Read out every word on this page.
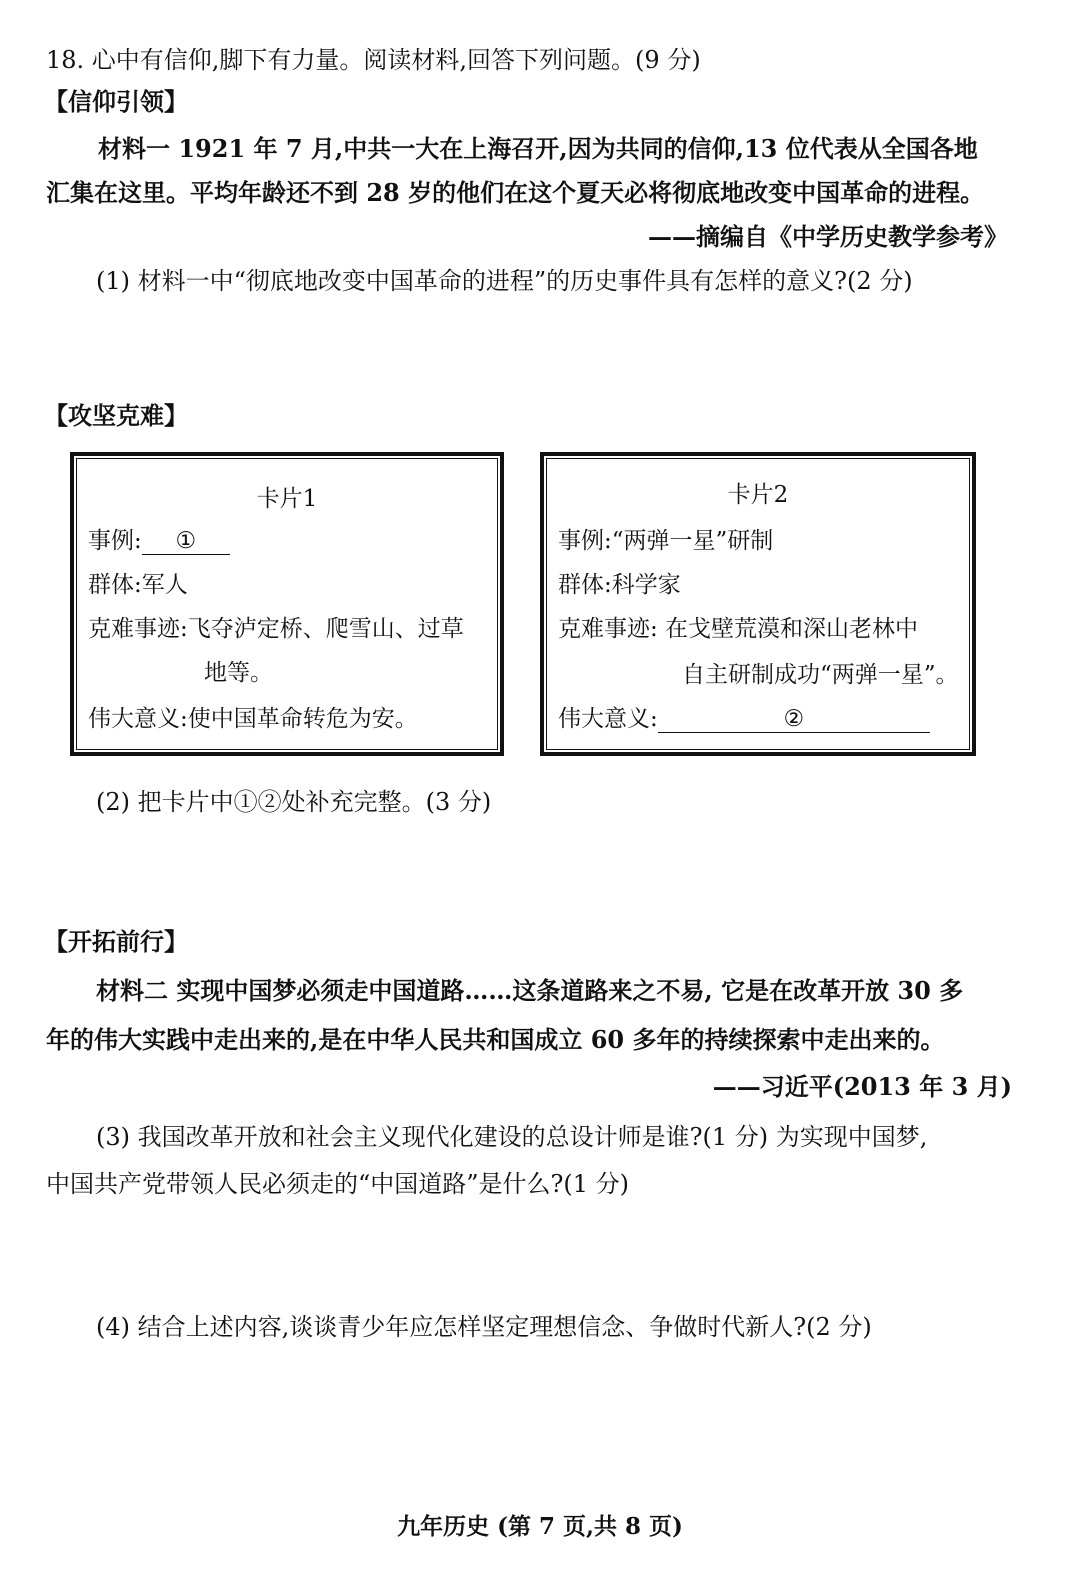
18. 心中有信仰,脚下有力量。阅读材料,回答下列问题。(9 分)
【信仰引领】
材料一 1921 年 7 月,中共一大在上海召开,因为共同的信仰,13 位代表从全国各地
汇集在这里。平均年龄还不到 28 岁的他们在这个夏天必将彻底地改变中国革命的进程。
——摘编自《中学历史教学参考》
(1) 材料一中“彻底地改变中国革命的进程”的历史事件具有怎样的意义?(2 分)
【攻坚克难】
卡片1
事例: ①
群体:军人
克难事迹:飞夺泸定桥、爬雪山、过草
地等。
伟大意义:使中国革命转危为安。
卡片2
事例:“两弹一星”研制
群体:科学家
克难事迹: 在戈壁荒漠和深山老林中
自主研制成功“两弹一星”。
伟大意义:	②
(2) 把卡片中①②处补充完整。(3 分)
【开拓前行】
材料二 实现中国梦必须走中国道路……这条道路来之不易, 它是在改革开放 30 多
年的伟大实践中走出来的,是在中华人民共和国成立 60 多年的持续探索中走出来的。
——习近平(2013 年 3 月)
(3) 我国改革开放和社会主义现代化建设的总设计师是谁?(1 分) 为实现中国梦,
中国共产党带领人民必须走的“中国道路”是什么?(1 分)
(4) 结合上述内容,谈谈青少年应怎样坚定理想信念、争做时代新人?(2 分)
九年历史 (第 7 页,共 8 页)
